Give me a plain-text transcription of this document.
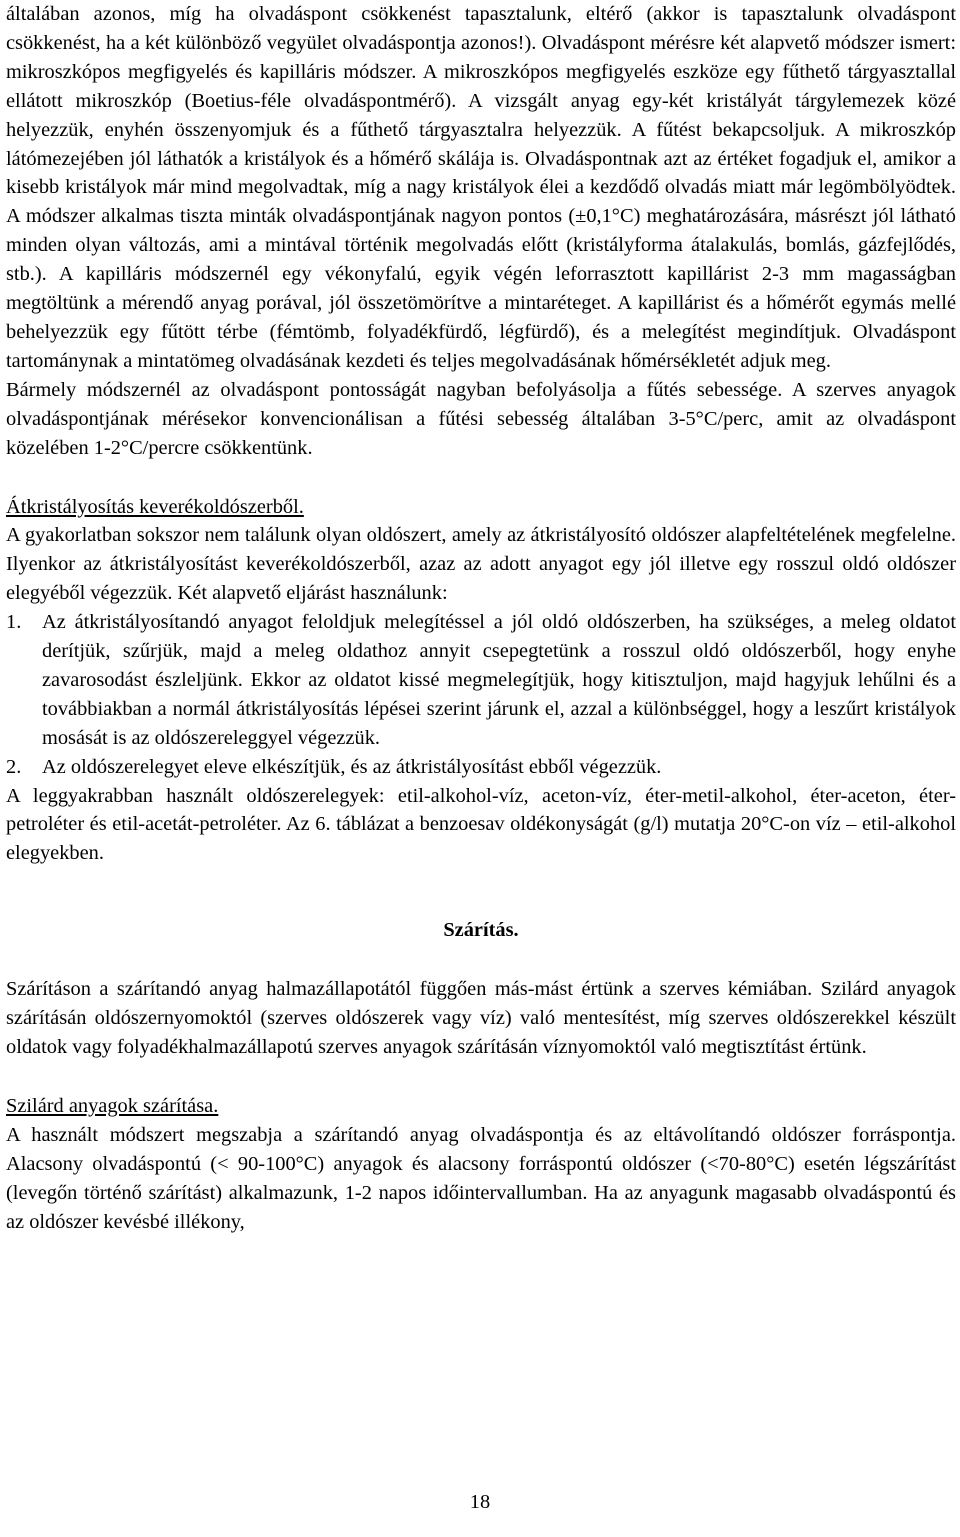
általában azonos, míg ha olvadáspont csökkenést tapasztalunk, eltérő (akkor is tapasztalunk olvadáspont csökkenést, ha a két különböző vegyület olvadáspontja azonos!). Olvadáspont mérésre két alapvető módszer ismert: mikroszkópos megfigyelés és kapilláris módszer. A mikroszkópos megfigyelés eszköze egy fűthető tárgyasztallal ellátott mikroszkóp (Boetius-féle olvadáspontmérő). A vizsgált anyag egy-két kristályát tárgylemezek közé helyezzük, enyhén összenyomjuk és a fűthető tárgyasztalra helyezzük. A fűtést bekapcsoljuk. A mikroszkóp látómezejében jól láthatók a kristályok és a hőmérő skálája is. Olvadáspontnak azt az értéket fogadjuk el, amikor a kisebb kristályok már mind megolvadtak, míg a nagy kristályok élei a kezdődő olvadás miatt már legömbölyödtek. A módszer alkalmas tiszta minták olvadáspontjának nagyon pontos (±0,1°C) meghatározására, másrészt jól látható minden olyan változás, ami a mintával történik megolvadás előtt (kristályforma átalakulás, bomlás, gázfejlődés, stb.). A kapilláris módszernél egy vékonyfalú, egyik végén leforrasztott kapillárist 2-3 mm magasságban megtöltünk a mérendő anyag porával, jól összetömörítve a mintaréteget. A kapillárist és a hőmérőt egymás mellé behelyezzük egy fűtött térbe (fémtömb, folyadékfürdő, légfürdő), és a melegítést megindítjuk. Olvadáspont tartománynak a mintatömeg olvadásának kezdeti és teljes megolvadásának hőmérsékletét adjuk meg.

Bármely módszernél az olvadáspont pontosságát nagyban befolyásolja a fűtés sebessége. A szerves anyagok olvadáspontjának mérésekor konvencionálisan a fűtési sebesség általában 3-5°C/perc, amit az olvadáspont közelében 1-2°C/percre csökkentünk.

Átkristályosítás keverékoldószerből.

A gyakorlatban sokszor nem találunk olyan oldószert, amely az átkristályosító oldószer alapfeltételének megfelelne. Ilyenkor az átkristályosítást keverékoldószerből, azaz az adott anyagot egy jól illetve egy rosszul oldó oldószer elegyéből végezzük. Két alapvető eljárást használunk:

1. Az átkristályosítandó anyagot feloldjuk melegítéssel a jól oldó oldószerben, ha szükséges, a meleg oldatot derítjük, szűrjük, majd a meleg oldathoz annyit csepegtetünk a rosszul oldó oldószerből, hogy enyhe zavarosodást észleljünk. Ekkor az oldatot kissé megmelegítjük, hogy kitisztuljon, majd hagyjuk lehűlni és a továbbiakban a normál átkristályosítás lépései szerint járunk el, azzal a különbséggel, hogy a leszűrt kristályok mosását is az oldószereleggyel végezzük.
2. Az oldószerelegyet eleve elkészítjük, és az átkristályosítást ebből végezzük.

A leggyakrabban használt oldószerelegyek: etil-alkohol-víz, aceton-víz, éter-metil-alkohol, éter-aceton, éter-petroléter és etil-acetát-petroléter. Az 6. táblázat a benzoesav oldékonyságát (g/l) mutatja 20°C-on víz – etil-alkohol elegyekben.

Szárítás.

Szárításon a szárítandó anyag halmazállapotától függően más-mást értünk a szerves kémiában. Szilárd anyagok szárításán oldószernyomoktól (szerves oldószerek vagy víz) való mentesítést, míg szerves oldószerekkel készült oldatok vagy folyadékhalmazállapotú szerves anyagok szárításán víznyomoktól való megtisztítást értünk.

Szilárd anyagok szárítása.

A használt módszert megszabja a szárítandó anyag olvadáspontja és az eltávolítandó oldószer forráspontja. Alacsony olvadáspontú (< 90-100°C) anyagok és alacsony forráspontú oldószer (<70-80°C) esetén légszárítást (levegőn történő szárítást) alkalmazunk, 1-2 napos időintervallumban. Ha az anyagunk magasabb olvadáspontú és az oldószer kevésbé illékony,

18
